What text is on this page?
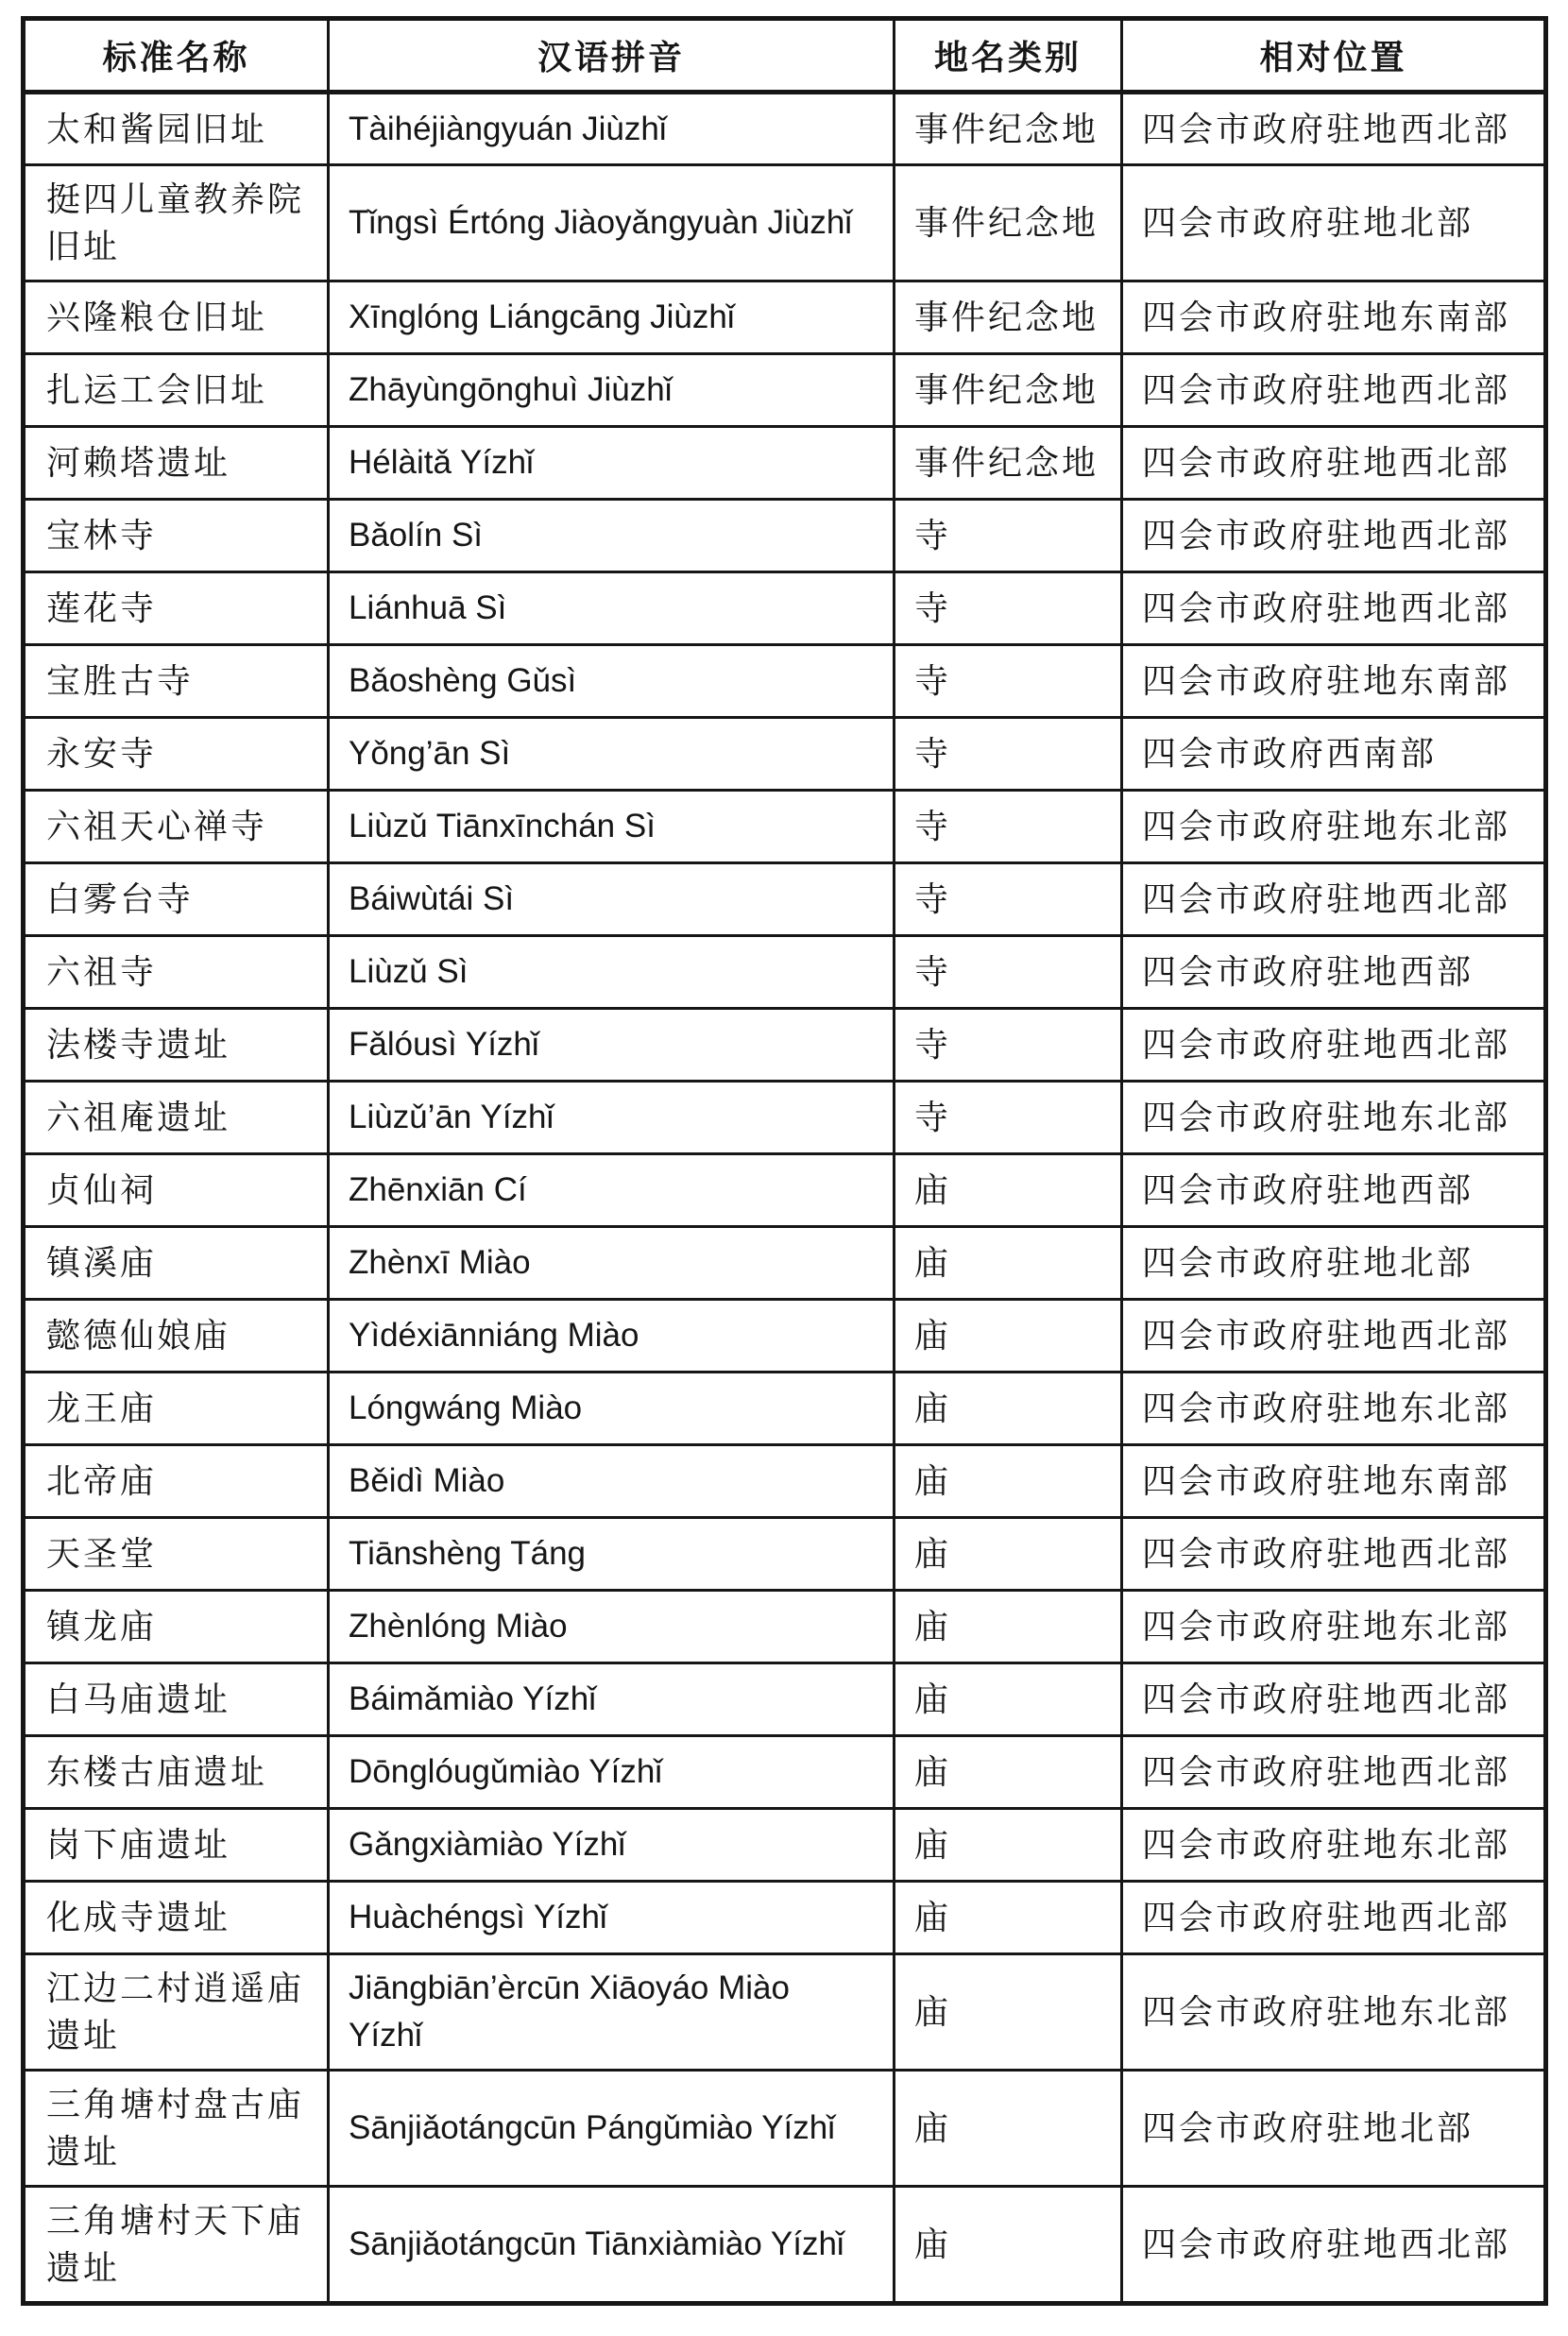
标准名称	汉语拼音	地名类别	相对位置
太和酱园旧址	Tàihéjiàngyuán Jiùzhǐ	事件纪念地	四会市政府驻地西北部
挺四儿童教养院旧址	Tǐngsì Értóng Jiàoyǎngyuàn Jiùzhǐ	事件纪念地	四会市政府驻地北部
兴隆粮仓旧址	Xīnglóng Liángcāng Jiùzhǐ	事件纪念地	四会市政府驻地东南部
扎运工会旧址	Zhāyùngōnghuì Jiùzhǐ	事件纪念地	四会市政府驻地西北部
河赖塔遗址	Hélàitǎ Yízhǐ	事件纪念地	四会市政府驻地西北部
宝林寺	Bǎolín Sì	寺	四会市政府驻地西北部
莲花寺	Liánhuā Sì	寺	四会市政府驻地西北部
宝胜古寺	Bǎoshèng Gǔsì	寺	四会市政府驻地东南部
永安寺	Yǒng’ān Sì	寺	四会市政府西南部
六祖天心禅寺	Liùzǔ Tiānxīnchán Sì	寺	四会市政府驻地东北部
白雾台寺	Báiwùtái Sì	寺	四会市政府驻地西北部
六祖寺	Liùzǔ Sì	寺	四会市政府驻地西部
法楼寺遗址	Fǎlóusì Yízhǐ	寺	四会市政府驻地西北部
六祖庵遗址	Liùzǔ’ān Yízhǐ	寺	四会市政府驻地东北部
贞仙祠	Zhēnxiān Cí	庙	四会市政府驻地西部
镇溪庙	Zhènxī Miào	庙	四会市政府驻地北部
懿德仙娘庙	Yìdéxiānniáng Miào	庙	四会市政府驻地西北部
龙王庙	Lóngwáng Miào	庙	四会市政府驻地东北部
北帝庙	Běidì Miào	庙	四会市政府驻地东南部
天圣堂	Tiānshèng Táng	庙	四会市政府驻地西北部
镇龙庙	Zhènlóng Miào	庙	四会市政府驻地东北部
白马庙遗址	Báimǎmiào Yízhǐ	庙	四会市政府驻地西北部
东楼古庙遗址	Dōnglóugǔmiào Yízhǐ	庙	四会市政府驻地西北部
岗下庙遗址	Gǎngxiàmiào Yízhǐ	庙	四会市政府驻地东北部
化成寺遗址	Huàchéngsì Yízhǐ	庙	四会市政府驻地西北部
江边二村逍遥庙遗址	Jiāngbiān’èrcūn Xiāoyáo Miào Yízhǐ	庙	四会市政府驻地东北部
三角塘村盘古庙遗址	Sānjiǎotángcūn Pángǔmiào Yízhǐ	庙	四会市政府驻地北部
三角塘村天下庙遗址	Sānjiǎotángcūn Tiānxiàmiào Yízhǐ	庙	四会市政府驻地西北部
